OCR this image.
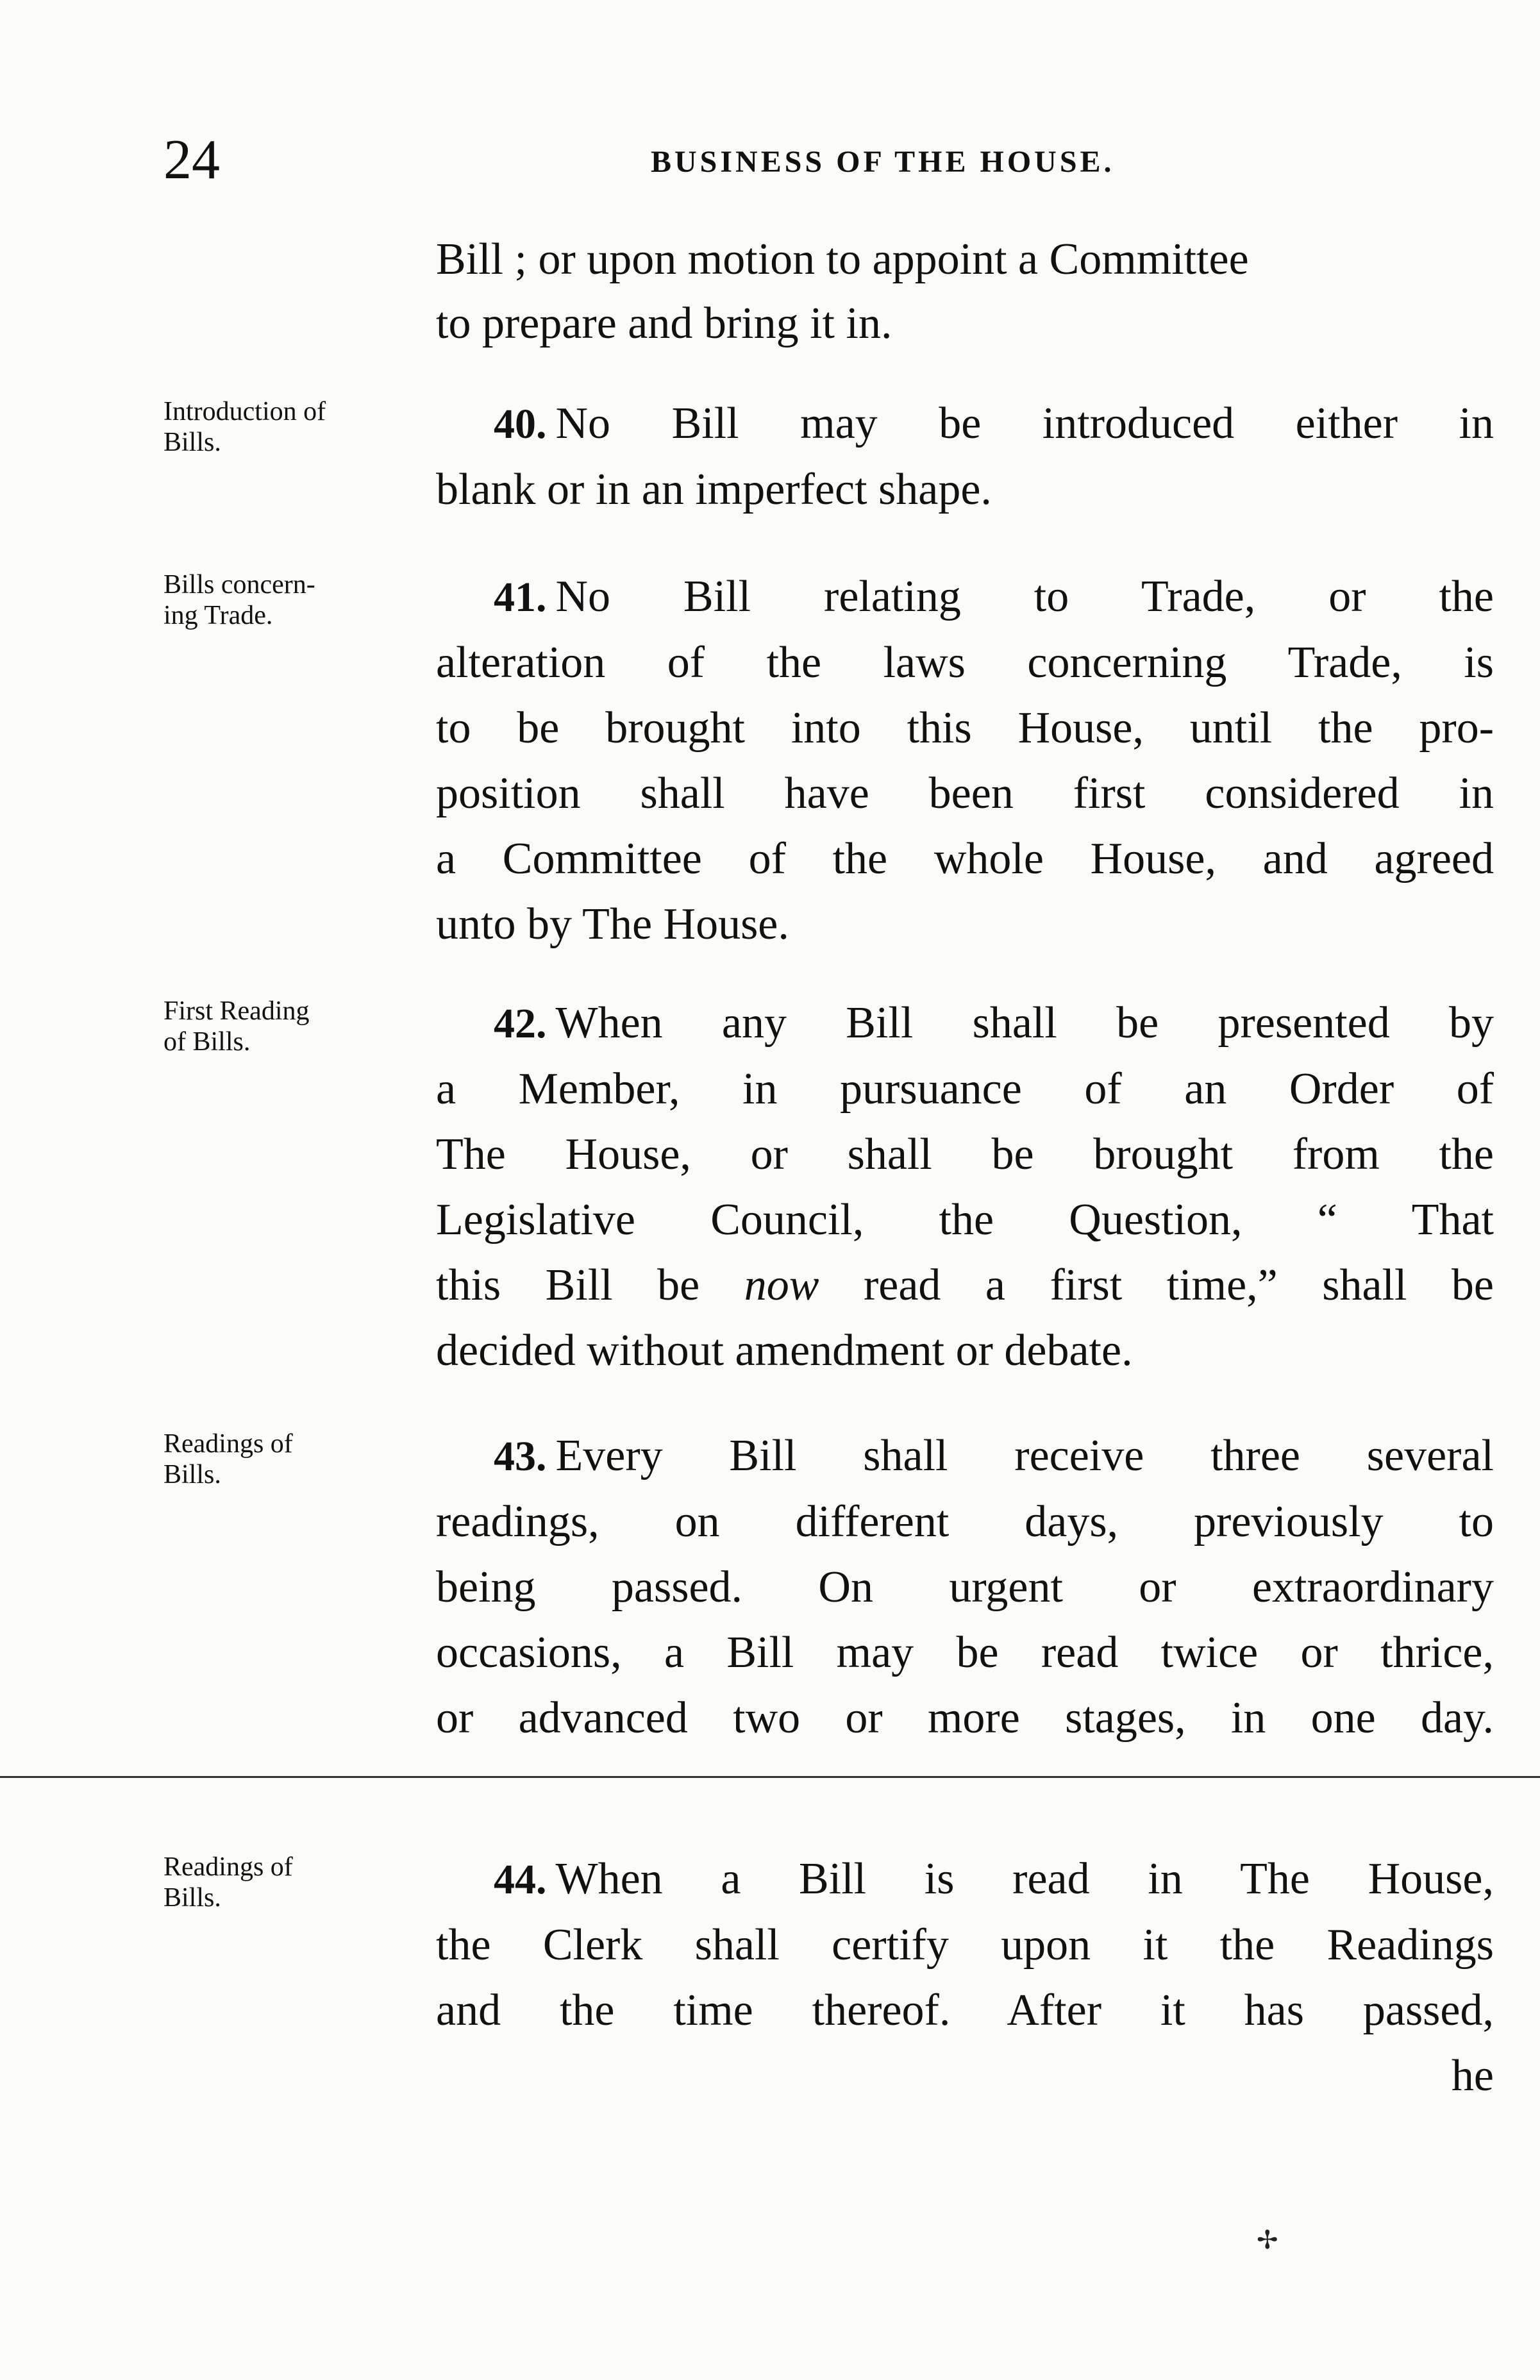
24	BUSINESS OF THE HOUSE.
Bill ; or upon motion to appoint a Committee
to prepare and bring it in.
Introduction of
Bills.	40. No Bill may be introduced either in
blank or in an imperfect shape.
Bills concern-
ing Trade.	41. No Bill relating to Trade, or the
alteration of the laws concerning Trade, is
to be brought into this House, until the pro-
position shall have been first considered in
a Committee of the whole House, and agreed
unto by The House.
First Reading
of Bills.	42. When any Bill shall be presented by
a Member, in pursuance of an Order of
The House, or shall be brought from the
Legislative Council, the Question, “ That
this Bill be now read a first time,” shall be
decided without amendment or debate.
Readings of
Bills.	43. Every Bill shall receive three several
readings, on different days, previously to
being passed. On urgent or extraordinary
occasions, a Bill may be read twice or thrice,
or advanced two or more stages, in one day.
Readings of
Bills.	44. When a Bill is read in The House,
the Clerk shall certify upon it the Readings
and the time thereof. After it has passed,
he
✢
